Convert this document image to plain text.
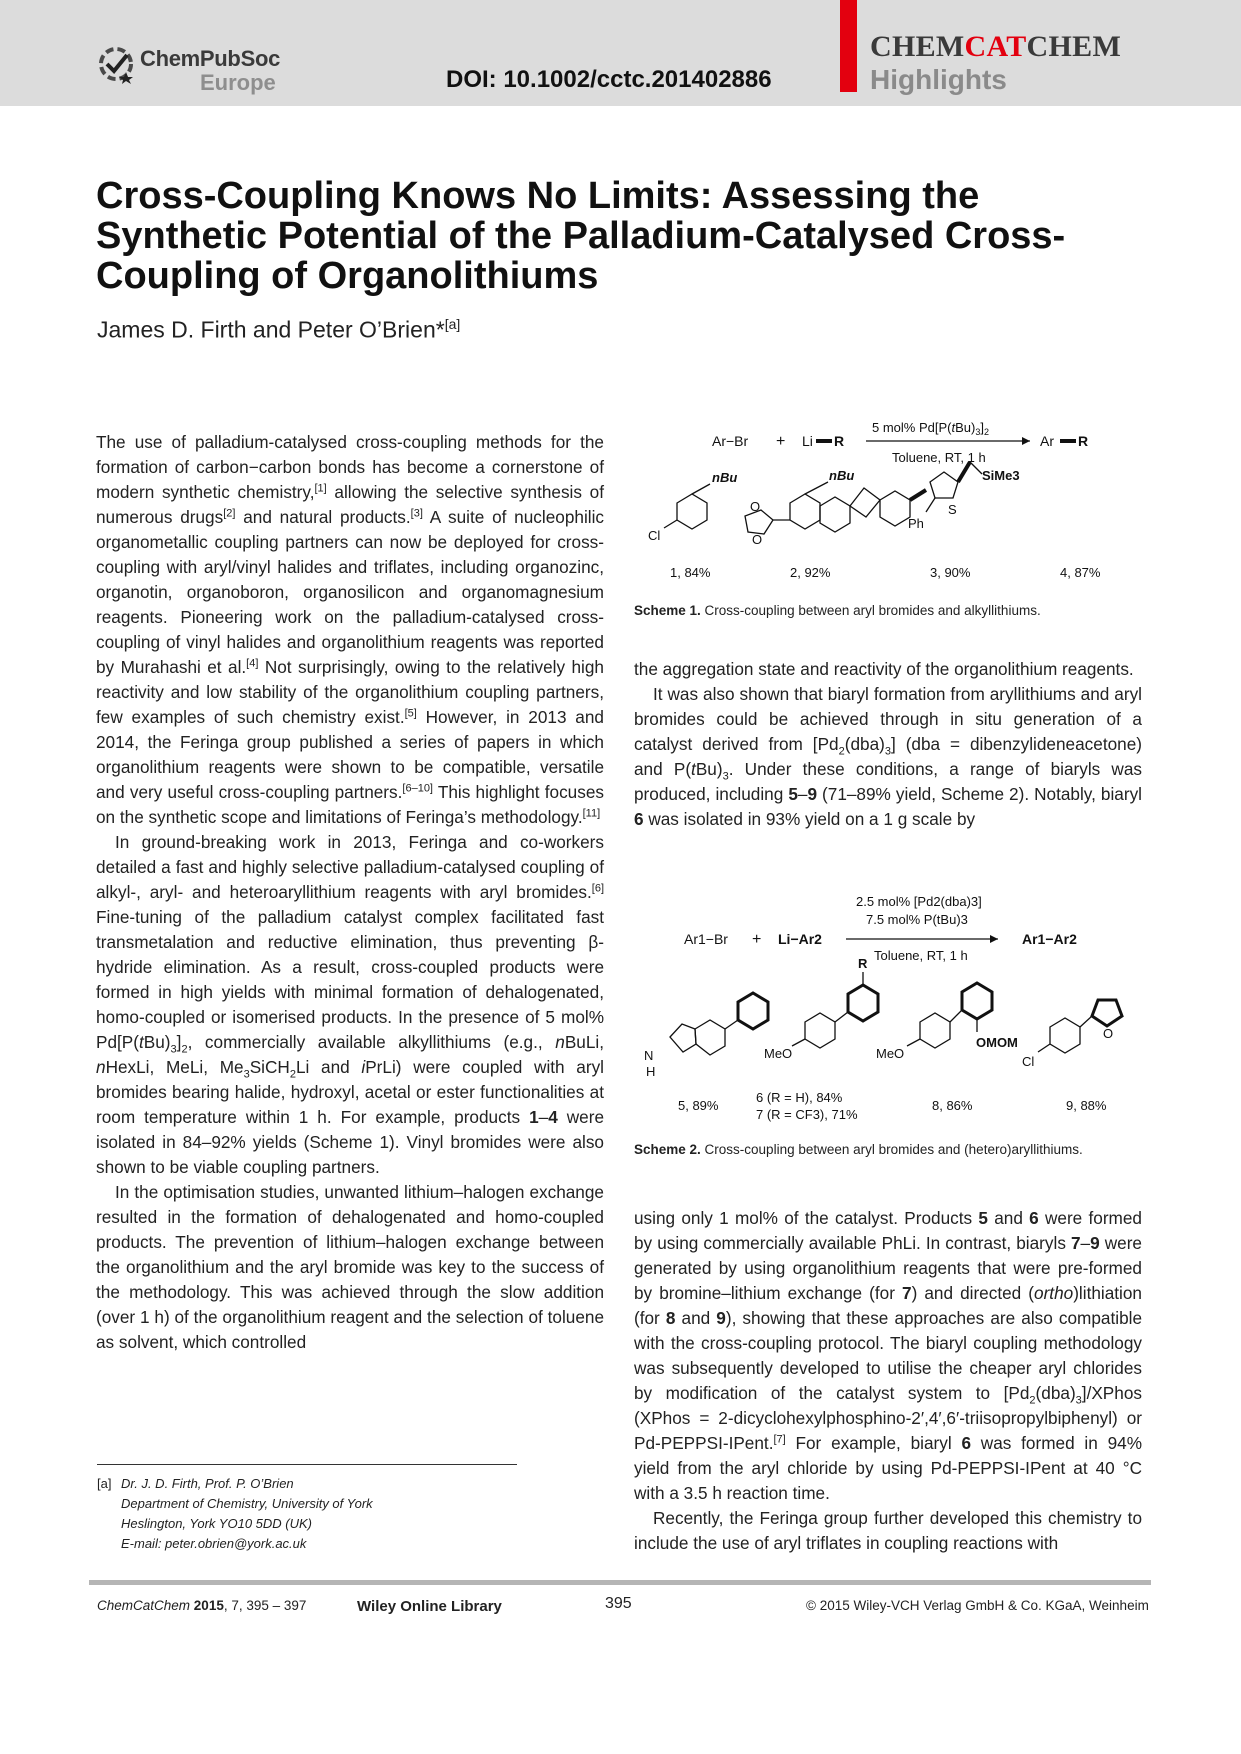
ChemPubSoc
Europe	DOI: 10.1002/cctc.201402886
CHEMCATCHEM
Highlights
Cross-Coupling Knows No Limits: Assessing the Synthetic Potential of the Palladium-Catalysed Cross-Coupling of Organolithiums
James D. Firth and Peter O’Brien*[a]

The use of palladium-catalysed cross-coupling methods for the formation of carbon−carbon bonds has become a cornerstone of modern synthetic chemistry,[1] allowing the selective synthesis of numerous drugs[2] and natural products.[3] A suite of nucleophilic organometallic coupling partners can now be deployed for cross-coupling with aryl/vinyl halides and triflates, including organozinc, organotin, organoboron, organosilicon and organomagnesium reagents. Pioneering work on the palladium-catalysed cross-coupling of vinyl halides and organolithium reagents was reported by Murahashi et al.[4] Not surprisingly, owing to the relatively high reactivity and low stability of the organolithium coupling partners, few examples of such chemistry exist.[5] However, in 2013 and 2014, the Feringa group published a series of papers in which organolithium reagents were shown to be compatible, versatile and very useful cross-coupling partners.[6–10] This highlight focuses on the synthetic scope and limitations of Feringa’s methodology.[11]

In ground-breaking work in 2013, Feringa and co-workers detailed a fast and highly selective palladium-catalysed coupling of alkyl-, aryl- and heteroaryllithium reagents with aryl bromides.[6] Fine-tuning of the palladium catalyst complex facilitated fast transmetalation and reductive elimination, thus preventing β-hydride elimination. As a result, cross-coupled products were formed in high yields with minimal formation of dehalogenated, homo-coupled or isomerised products. In the presence of 5 mol% $Pd[P(tBu)_3]_2$, commercially available alkyllithiums (e.g., nBuLi, nHexLi, MeLi, $Me_3SiCH_2Li$ and iPrLi) were coupled with aryl bromides bearing halide, hydroxyl, acetal or ester functionalities at room temperature within 1 h. For example, products 1–4 were isolated in 84–92% yields (Scheme 1). Vinyl bromides were also shown to be viable coupling partners.

In the optimisation studies, unwanted lithium–halogen exchange resulted in the formation of dehalogenated and homo-coupled products. The prevention of lithium–halogen exchange between the organolithium and the aryl bromide was key to the success of the methodology. This was achieved through the slow addition (over 1 h) of the organolithium reagent and the selection of toluene as solvent, which controlled

Ar−Br + Li R
5 mol% $Pd[P(tBu)_3]_2$
Toluene, RT, 1 h
Ar R
nBu
Cl
nBu
O
O
S
Ph
SiMe3
1, 84%	2, 92%	3, 90%	4, 87%
Scheme 1. Cross-coupling between aryl bromides and alkyllithiums.

the aggregation state and reactivity of the organolithium reagents.

It was also shown that biaryl formation from aryllithiums and aryl bromides could be achieved through in situ generation of a catalyst derived from $[Pd_2(dba)_3] (dba$ = dibenzylideneacetone) and $P(tBu)_3$. Under these conditions, a range of biaryls was produced, including 5–9 (71–89% yield, Scheme 2). Notably, biaryl 6 was isolated in 93% yield on a 1 g scale by

Ar1−Br + Li−Ar2
2.5 mol% [Pd2(dba)3]
7.5 mol% P(tBu)3
Toluene, RT, 1 h
Ar1−Ar2
N
H
R
MeO	MeO
OMOM
O
Cl
5, 89%
6 (R = H), 84%
7 (R = CF3), 71%
8, 86%	9, 88%
Scheme 2. Cross-coupling between aryl bromides and (hetero)aryllithiums.

using only 1 mol% of the catalyst. Products 5 and 6 were formed by using commercially available PhLi. In contrast, biaryls 7–9 were generated by using organolithium reagents that were pre-formed by bromine–lithium exchange (for 7) and directed (ortho)lithiation (for 8 and 9), showing that these approaches are also compatible with the cross-coupling protocol. The biaryl coupling methodology was subsequently developed to utilise the cheaper aryl chlorides by modification of the catalyst system to $[Pd_2(dba)_3]$/XPhos (XPhos = 2-dicyclohexylphosphino-2′,4′,6′-triisopropylbiphenyl) or Pd-PEPPSI-IPent.[7] For example, biaryl 6 was formed in 94% yield from the aryl chloride by using Pd-PEPPSI-IPent at 40 °C with a 3.5 h reaction time.

Recently, the Feringa group further developed this chemistry to include the use of aryl triflates in coupling reactions with

[a] Dr. J. D. Firth, Prof. P. O’Brien
Department of Chemistry, University of York
Heslington, York YO10 5DD (UK)
E-mail: peter.obrien@york.ac.uk
ChemCatChem 2015, 7, 395 – 397	Wiley Online Library	395	© 2015 Wiley-VCH Verlag GmbH & Co. KGaA, Weinheim
